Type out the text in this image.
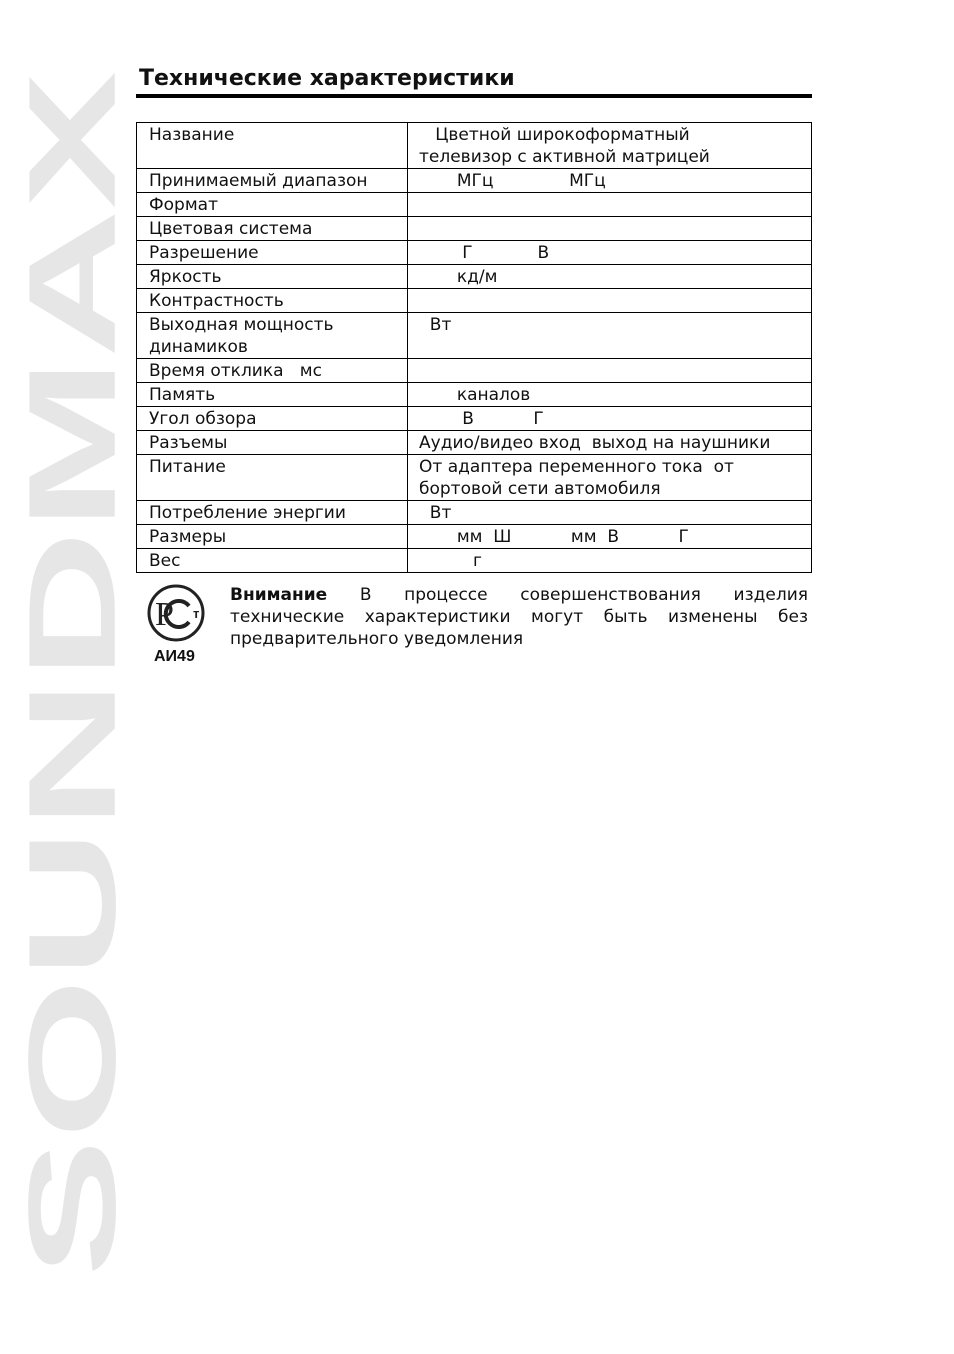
SOUNDMAX
Технические характеристики
Название	Цветной широкоформатный
телевизор с активной матрицей
Принимаемый диапазон	МГц              МГц
Формат	
Цветовая система	
Разрешение	Г            В
Яркость	кд/м
Контрастность	
Выходная мощность
динамиков	Вт
Время отклика   мс	
Память	каналов
Угол обзора	В           Г
Разъемы	Аудио/видео вход  выход на наушники
Питание	От адаптера переменного тока  от
бортовой сети автомобиля
Потребление энергии	Вт
Размеры	мм  Ш           мм  В           Г
Вес	г
Р т
АИ49

Внимание В процессе совершенствования изделия технические характеристики могут быть изменены без предварительного уведомления
